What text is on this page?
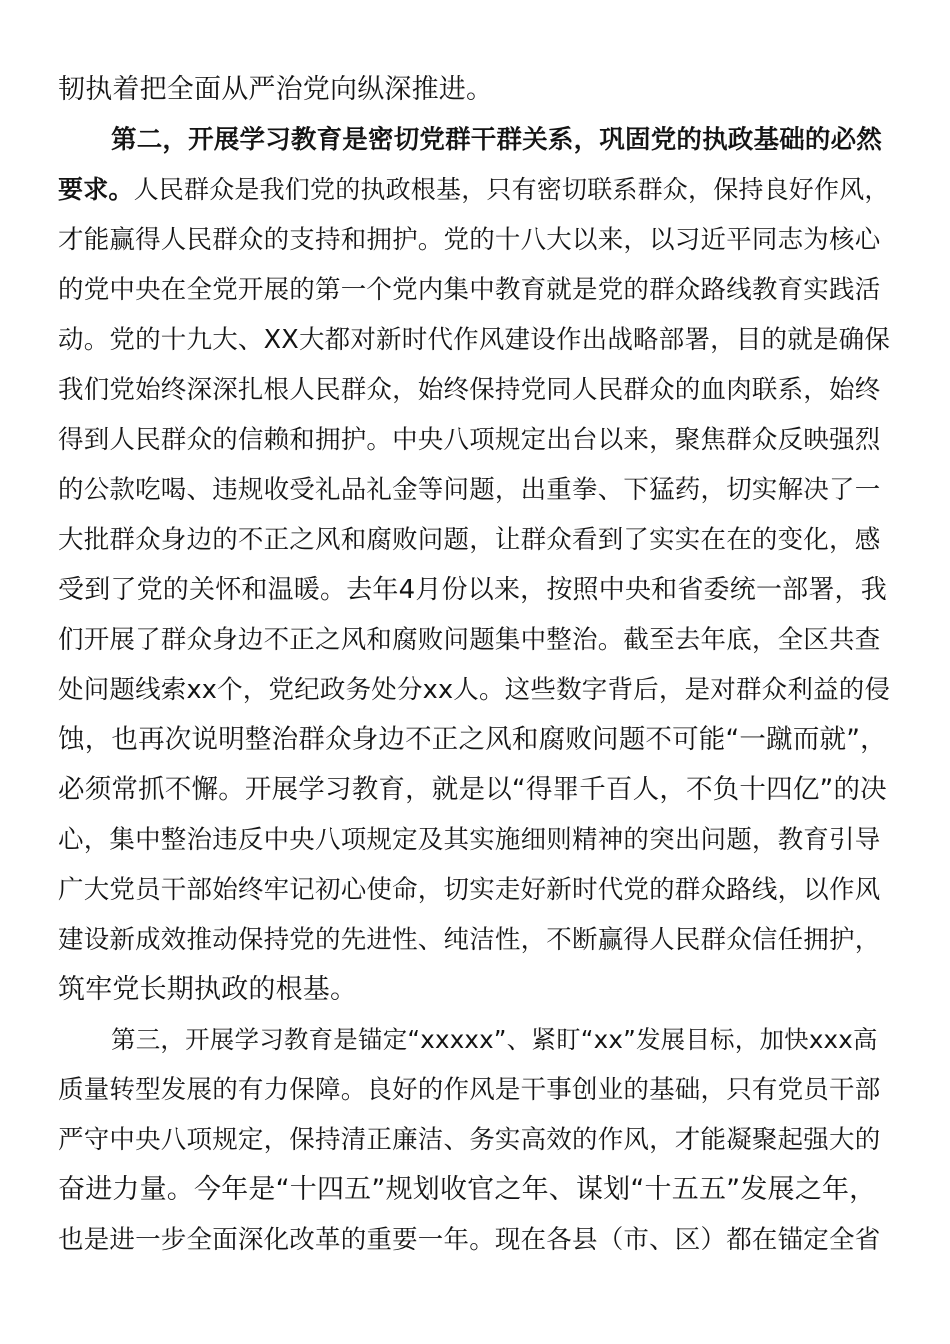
韧执着把全面从严治党向纵深推进。
第二，开展学习教育是密切党群干群关系，巩固党的执政基础的必然
要求。人民群众是我们党的执政根基，只有密切联系群众，保持良好作风，
才能赢得人民群众的支持和拥护。党的十八大以来，以习近平同志为核心
的党中央在全党开展的第一个党内集中教育就是党的群众路线教育实践活
动。党的十九大、XX大都对新时代作风建设作出战略部署，目的就是确保
我们党始终深深扎根人民群众，始终保持党同人民群众的血肉联系，始终
得到人民群众的信赖和拥护。中央八项规定出台以来，聚焦群众反映强烈
的公款吃喝、违规收受礼品礼金等问题，出重拳、下猛药，切实解决了一
大批群众身边的不正之风和腐败问题，让群众看到了实实在在的变化，感
受到了党的关怀和温暖。去年4月份以来，按照中央和省委统一部署，我
们开展了群众身边不正之风和腐败问题集中整治。截至去年底，全区共查
处问题线索xx个，党纪政务处分xx人。这些数字背后，是对群众利益的侵
蚀，也再次说明整治群众身边不正之风和腐败问题不可能“一蹴而就”，
必须常抓不懈。开展学习教育，就是以“得罪千百人，不负十四亿”的决
心，集中整治违反中央八项规定及其实施细则精神的突出问题，教育引导
广大党员干部始终牢记初心使命，切实走好新时代党的群众路线，以作风
建设新成效推动保持党的先进性、纯洁性，不断赢得人民群众信任拥护，
筑牢党长期执政的根基。
第三，开展学习教育是锚定“xxxxx”、紧盯“xx”发展目标，加快xxx高
质量转型发展的有力保障。良好的作风是干事创业的基础，只有党员干部
严守中央八项规定，保持清正廉洁、务实高效的作风，才能凝聚起强大的
奋进力量。今年是“十四五”规划收官之年、谋划“十五五”发展之年，
也是进一步全面深化改革的重要一年。现在各县（市、区）都在锚定全省
